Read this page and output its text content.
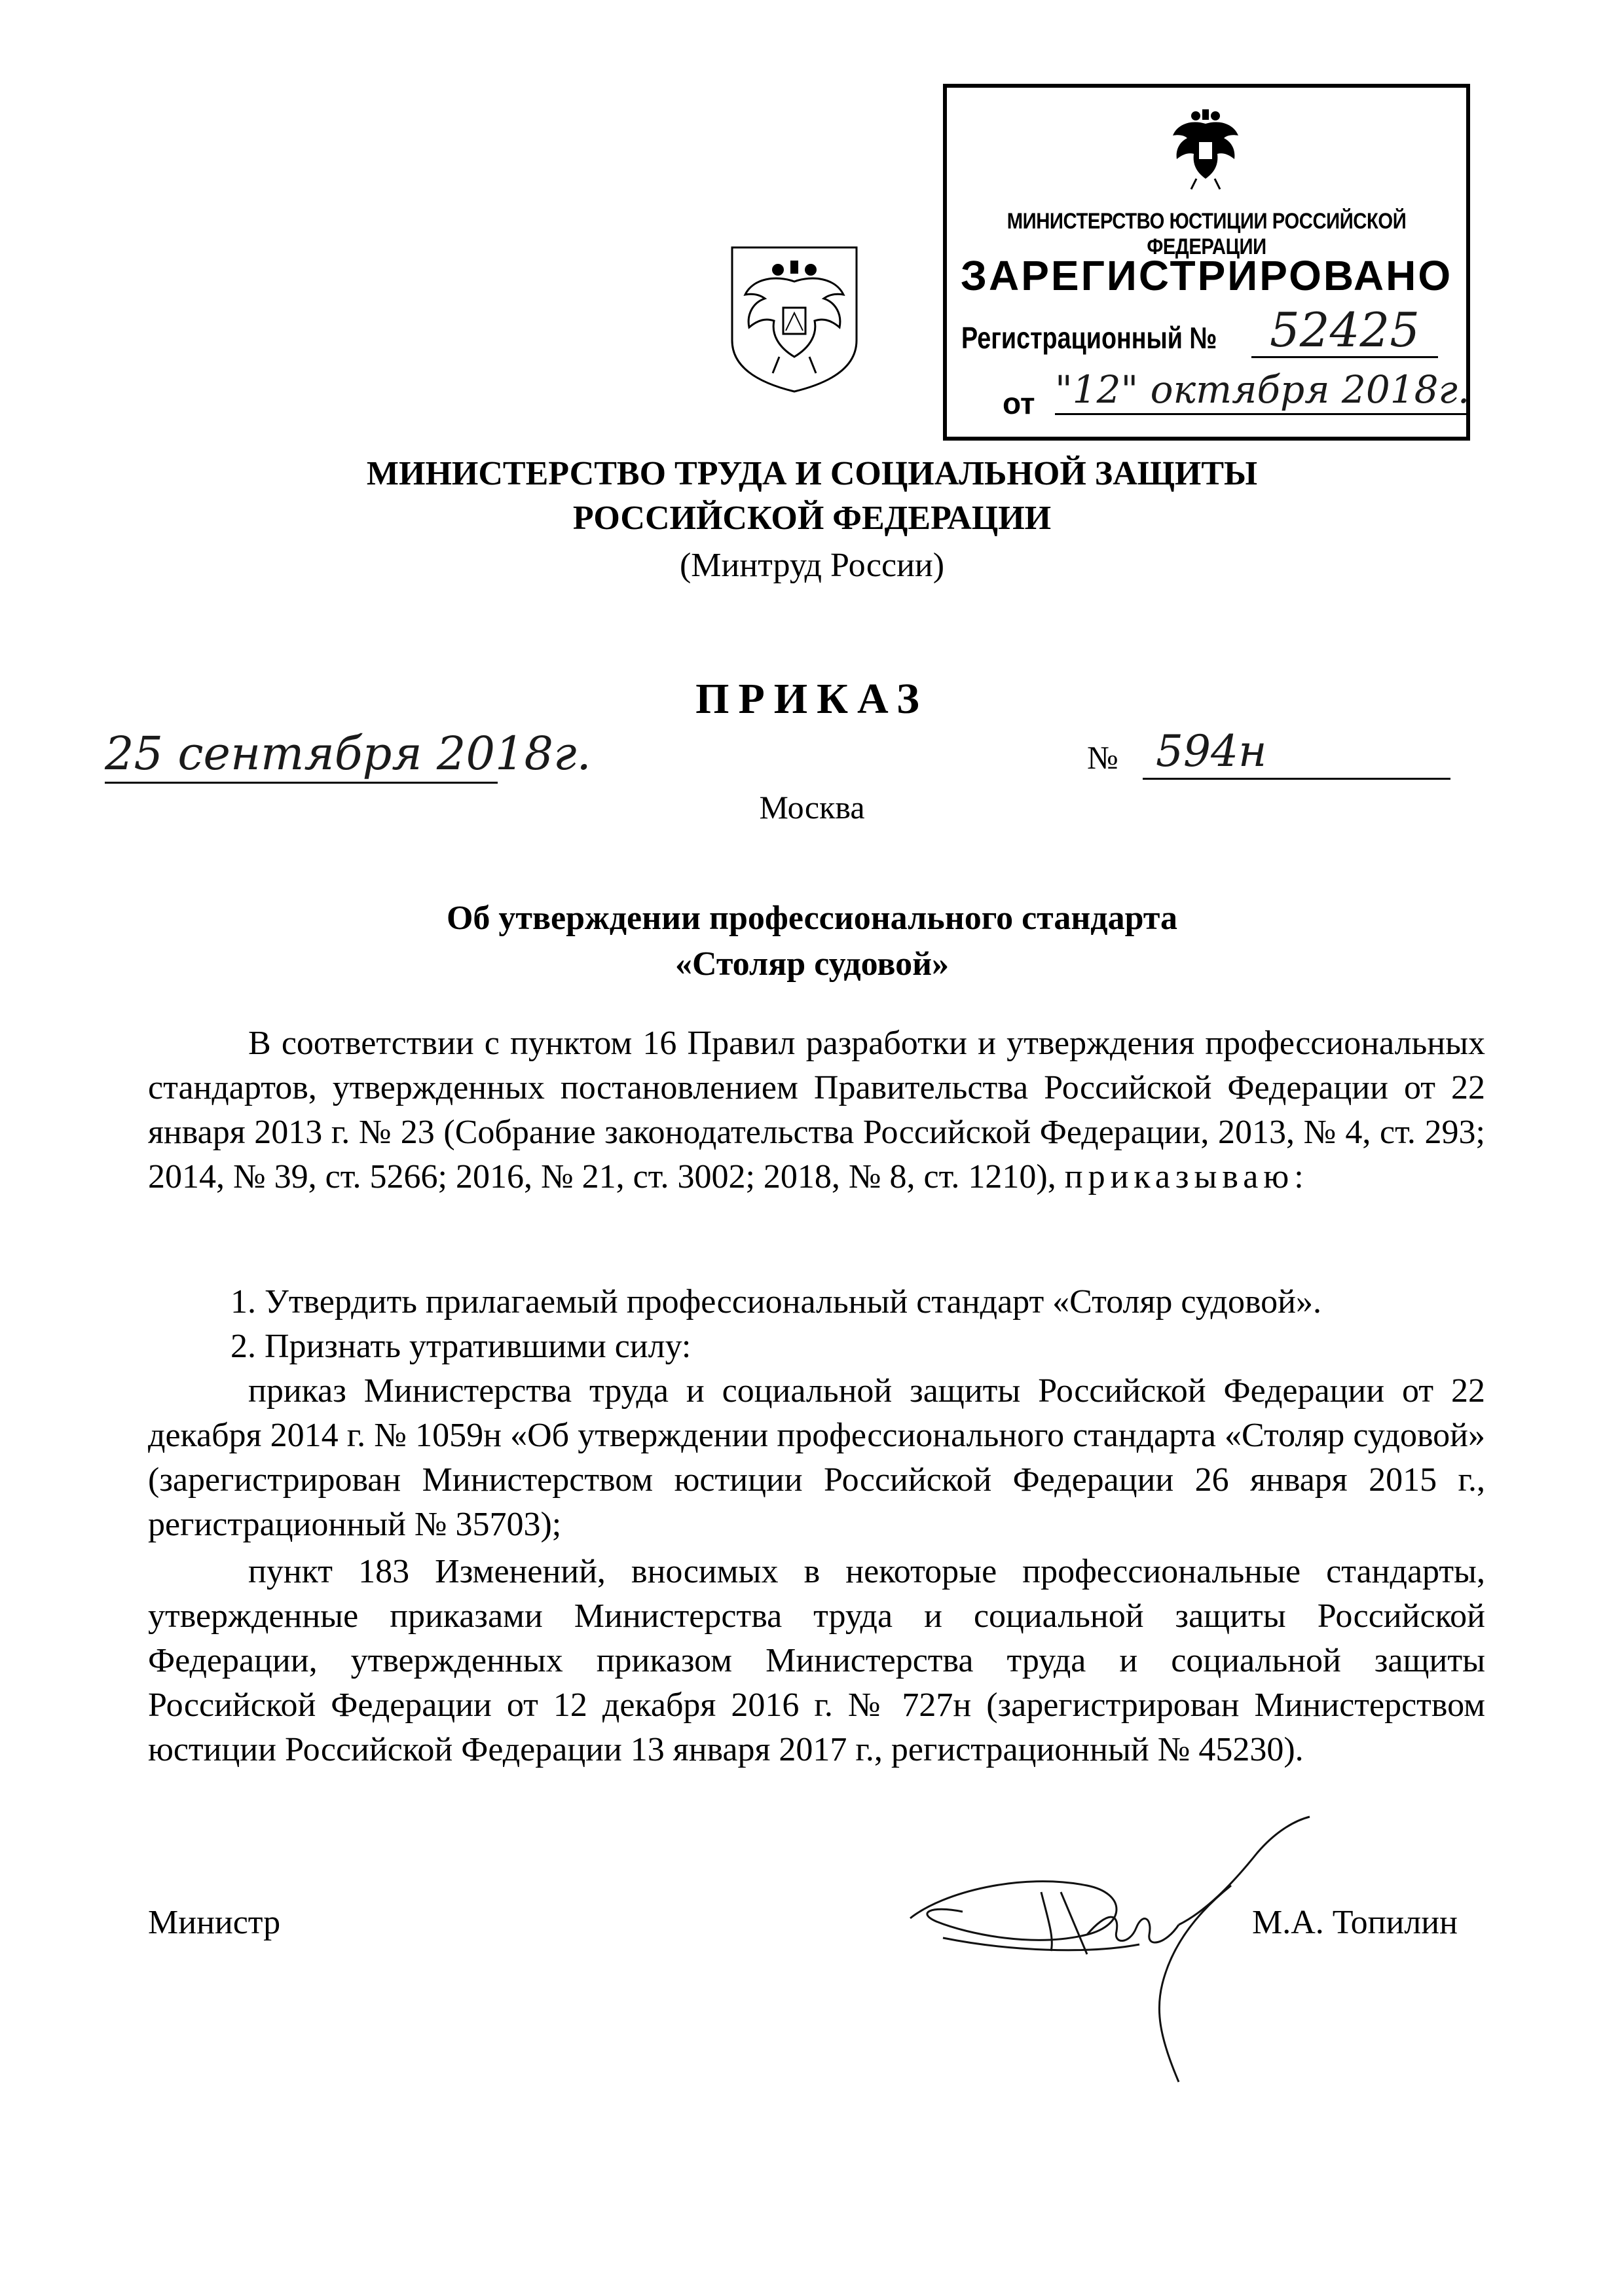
МИНИСТЕРСТВО ЮСТИЦИИ РОССИЙСКОЙ ФЕДЕРАЦИИ
ЗАРЕГИСТРИРОВАНО
Регистрационный №	52425
от "12" октября 2018г.
МИНИСТЕРСТВО ТРУДА И СОЦИАЛЬНОЙ ЗАЩИТЫ
РОССИЙСКОЙ ФЕДЕРАЦИИ
(Минтруд России)
ПРИКАЗ
25 сентября 2018г.	№ 594н
Москва
Об утверждении профессионального стандарта
«Столяр судовой»
В соответствии с пунктом 16 Правил разработки и утверждения профессиональных стандартов, утвержденных постановлением Правительства Российской Федерации от 22 января 2013 г. № 23 (Собрание законодательства Российской Федерации, 2013, № 4, ст. 293; 2014, № 39, ст. 5266; 2016, № 21, ст. 3002; 2018, № 8, ст. 1210), приказываю:
1. Утвердить прилагаемый профессиональный стандарт «Столяр судовой».
2. Признать утратившими силу:
приказ Министерства труда и социальной защиты Российской Федерации от 22 декабря 2014 г. № 1059н «Об утверждении профессионального стандарта «Столяр судовой» (зарегистрирован Министерством юстиции Российской Федерации 26 января 2015 г., регистрационный № 35703);
пункт 183 Изменений, вносимых в некоторые профессиональные стандарты, утвержденные приказами Министерства труда и социальной защиты Российской Федерации, утвержденных приказом Министерства труда и социальной защиты Российской Федерации от 12 декабря 2016 г. № 727н (зарегистрирован Министерством юстиции Российской Федерации 13 января 2017 г., регистрационный № 45230).
Министр	М.А. Топилин
